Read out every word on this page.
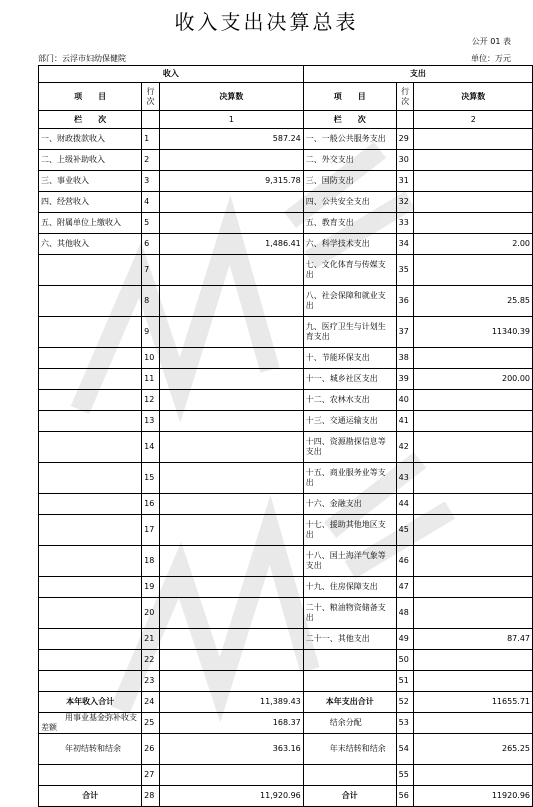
收入支出决算总表
公开 01 表
部门：云浮市妇幼保健院	单位：万元
收入			支出		
项　　目	行次	决算数	项　　目	行次	决算数
栏　　次		1	栏　　次		2
一、财政拨款收入	1	587.24	一、一般公共服务支出	29	
二、上级补助收入	2		二、外交支出	30	
三、事业收入	3	9,315.78	三、国防支出	31	
四、经营收入	4		四、公共安全支出	32	
五、附属单位上缴收入	5		五、教育支出	33	
六、其他收入	6	1,486.41	六、科学技术支出	34	2.00
	7		七、文化体育与传媒支出	35	
	8		八、社会保障和就业支出	36	25.85
	9		九、医疗卫生与计划生育支出	37	11340.39
	10		十、节能环保支出	38	
	11		十一、城乡社区支出	39	200.00
	12		十二、农林水支出	40	
	13		十三、交通运输支出	41	
	14		十四、资源勘探信息等支出	42	
	15		十五、商业服务业等支出	43	
	16		十六、金融支出	44	
	17		十七、援助其他地区支出	45	
	18		十八、国土海洋气象等支出	46	
	19		十九、住房保障支出	47	
	20		二十、粮油物资储备支出	48	
	21		二十一、其他支出	49	87.47
	22			50	
	23			51	
本年收入合计	24	11,389.43	本年支出合计	52	11655.71
用事业基金弥补收支差额	25	168.37	结余分配	53	
年初结转和结余	26	363.16	年末结转和结余	54	265.25
	27			55	
合计	28	11,920.96	合计	56	11920.96
